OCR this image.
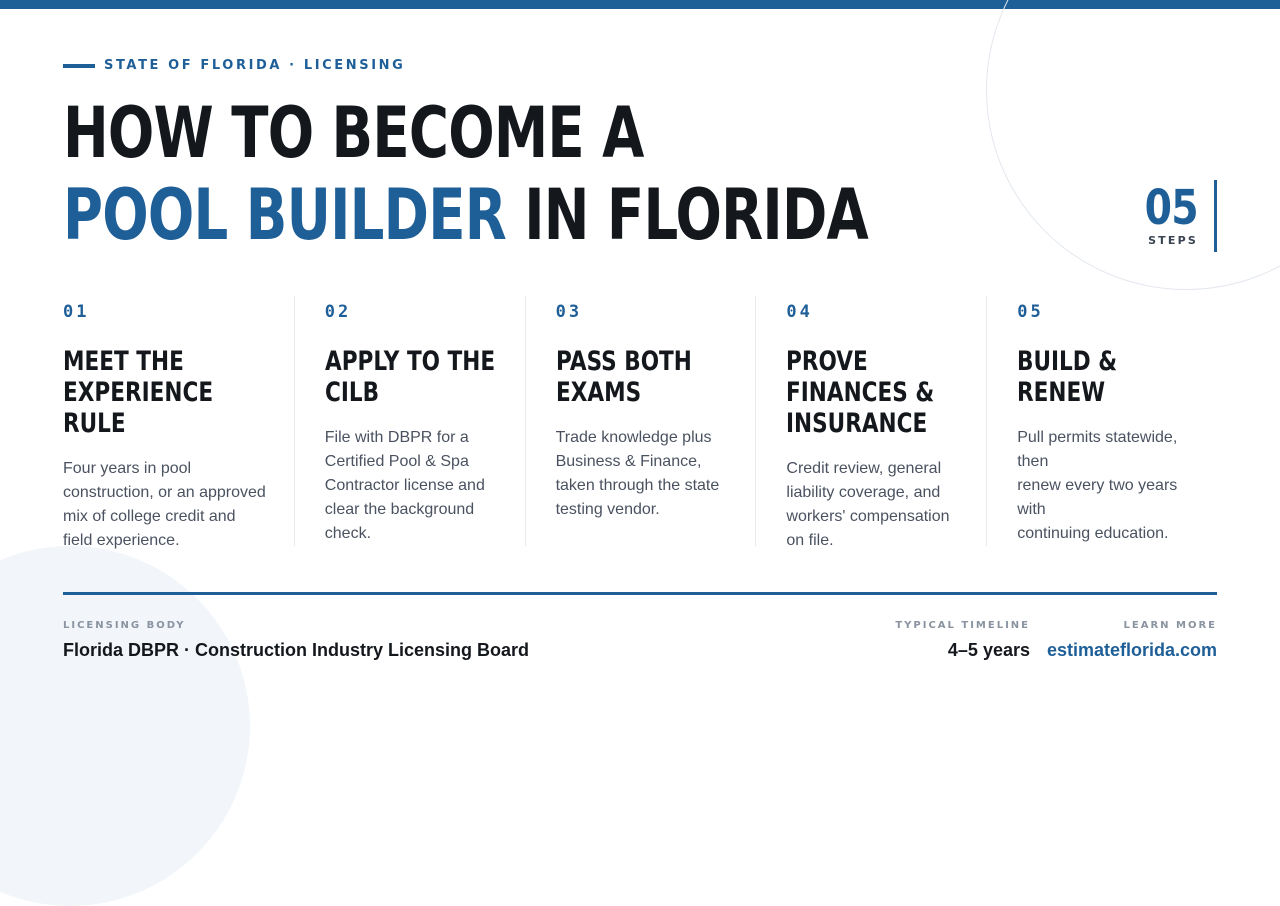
STATE OF FLORIDA · LICENSING
HOW TO BECOME A
POOL BUILDER IN FLORIDA	05
STEPS
01
MEET THE
EXPERIENCE RULE
Four years in pool
construction, or an approved
mix of college credit and
field experience.
02
APPLY TO THE
CILB
File with DBPR for a
Certified Pool & Spa
Contractor license and
clear the background
check.
03
PASS BOTH
EXAMS
Trade knowledge plus
Business & Finance,
taken through the state
testing vendor.
04
PROVE
FINANCES &
INSURANCE
Credit review, general
liability coverage, and
workers' compensation
on file.
05
BUILD & RENEW
Pull permits statewide, then
renew every two years with
continuing education.
LICENSING BODY
Florida DBPR · Construction Industry Licensing Board
TYPICAL TIMELINE
4–5 years
LEARN MORE
estimateflorida.com
